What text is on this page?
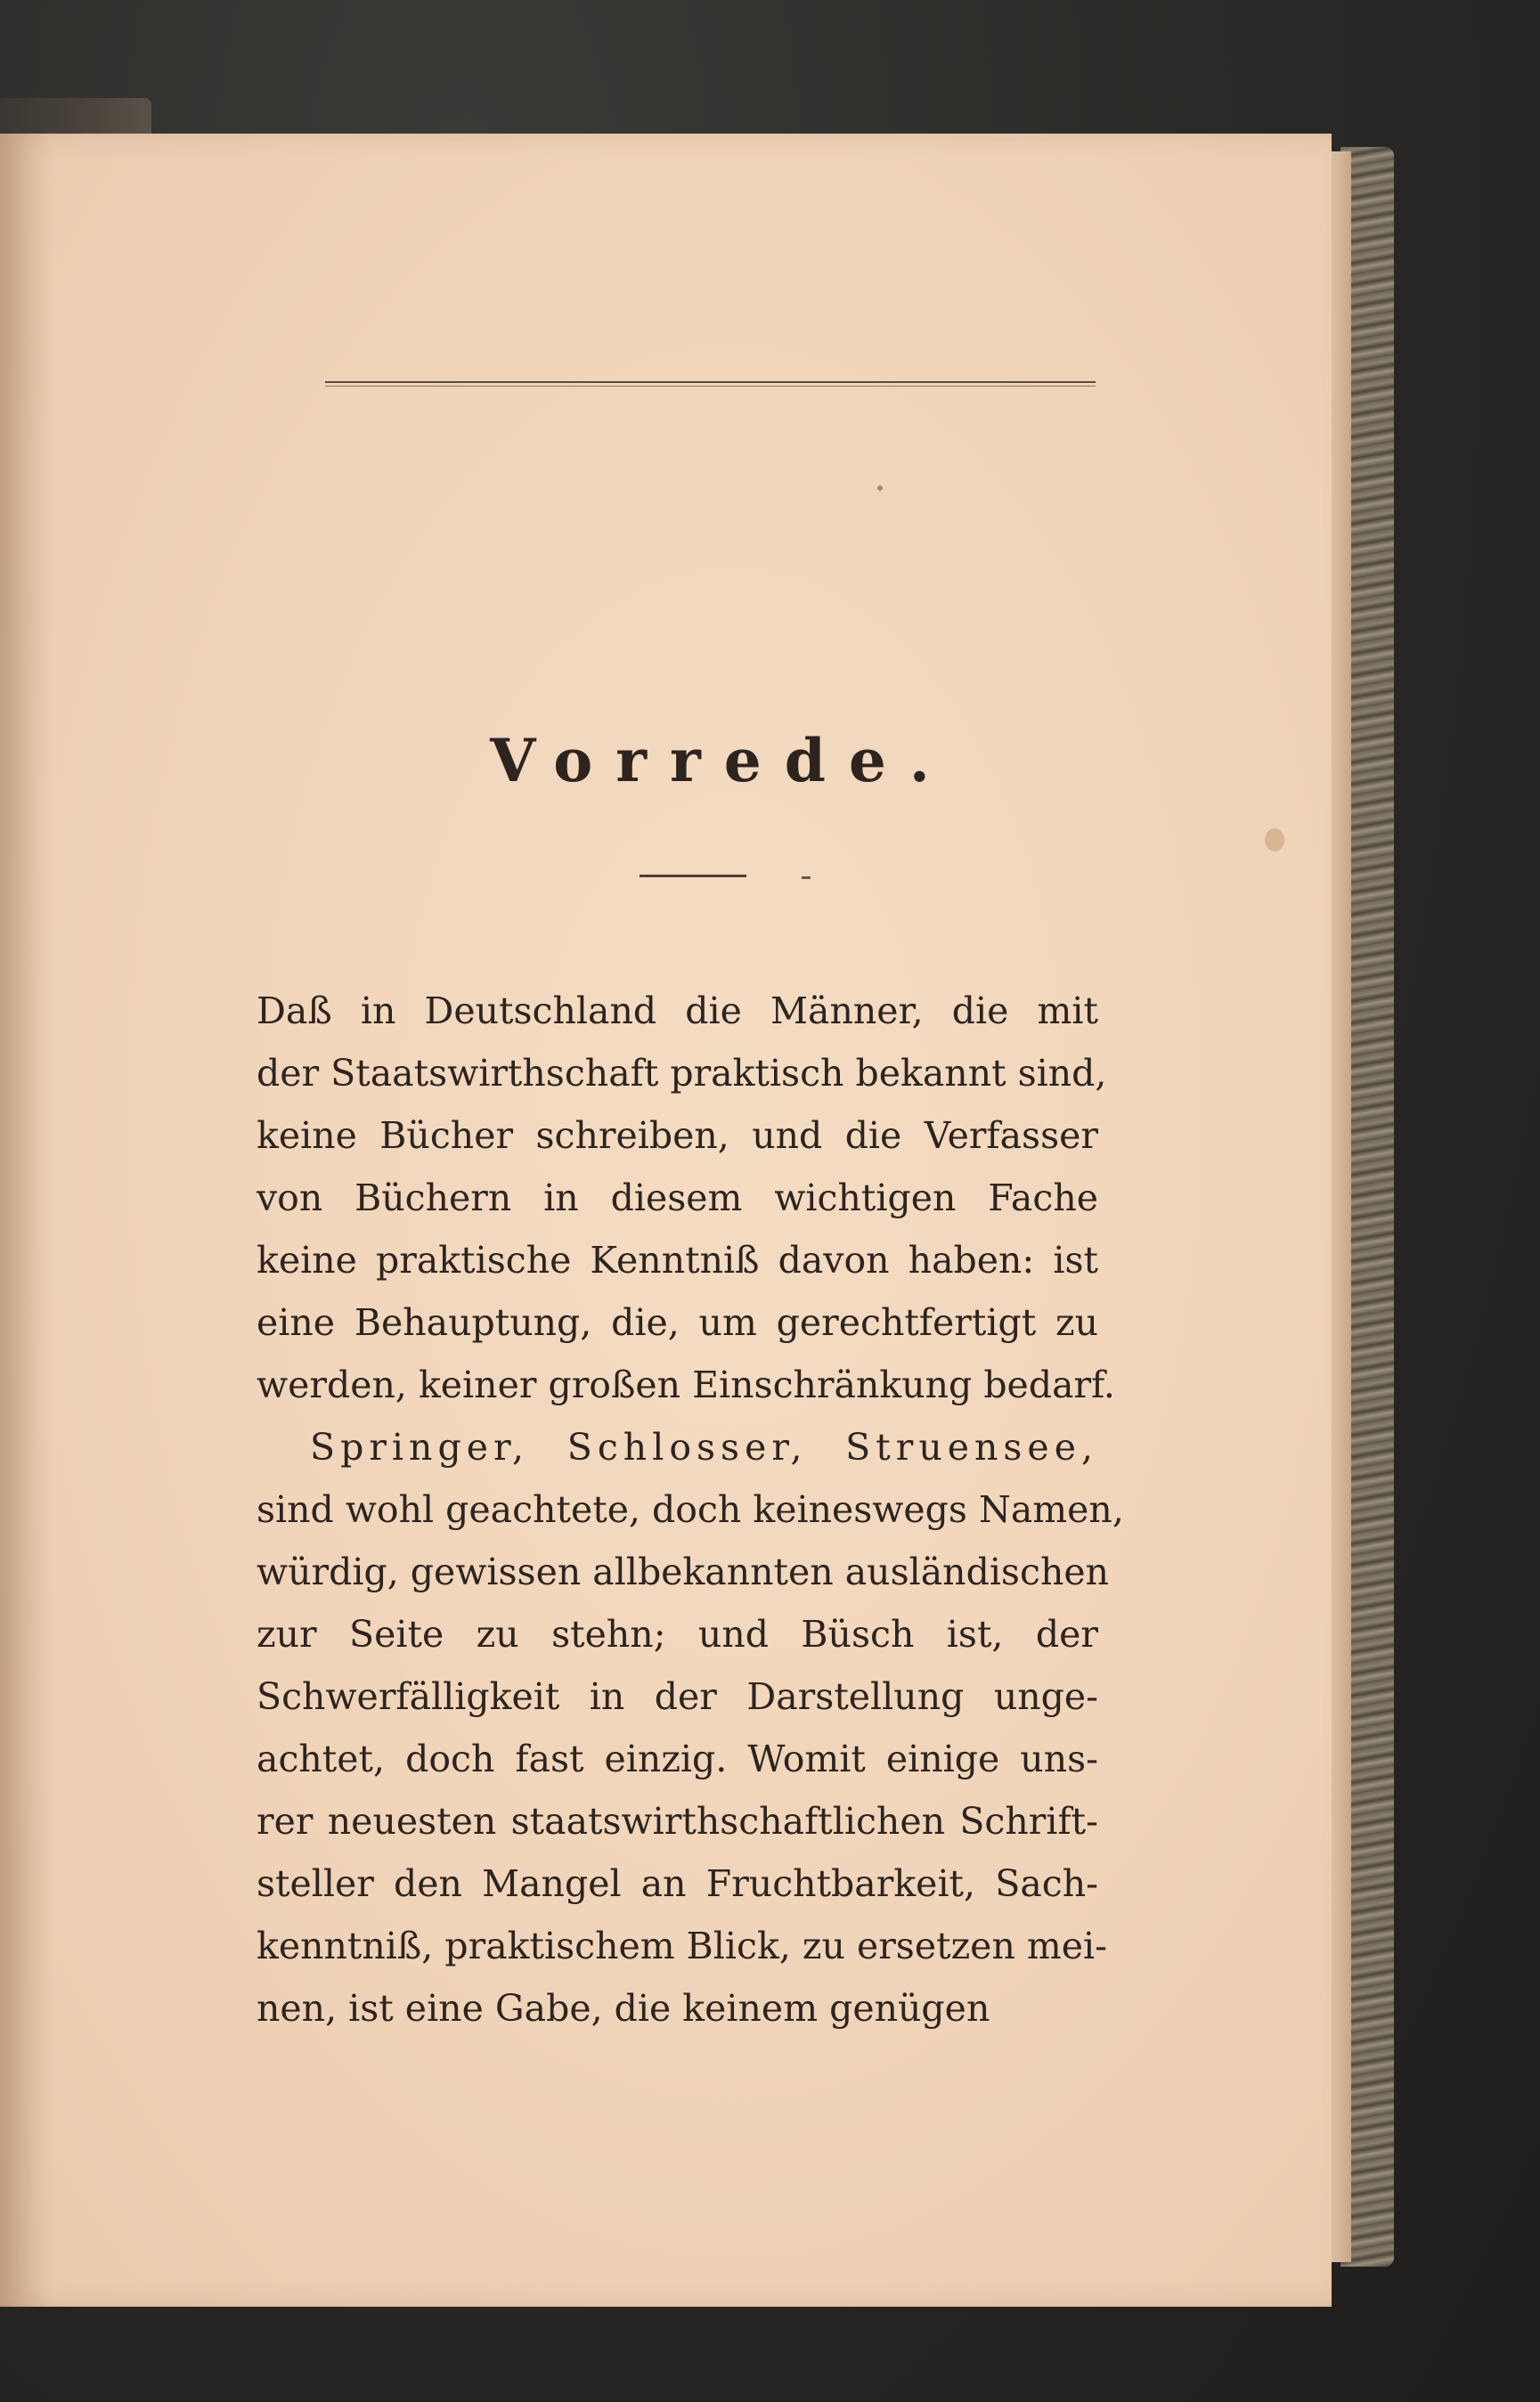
Vorrede.
Daß in Deutschland die Männer, die mit
der Staatswirthschaft praktisch bekannt sind,
keine Bücher schreiben, und die Verfasser
von Büchern in diesem wichtigen Fache
keine praktische Kenntniß davon haben: ist
eine Behauptung, die, um gerechtfertigt zu
werden, keiner großen Einschränkung bedarf.
Springer, Schlosser, Struensee,
sind wohl geachtete, doch keineswegs Namen,
würdig, gewissen allbekannten ausländischen
zur Seite zu stehn; und Büsch ist, der
Schwerfälligkeit in der Darstellung unge-
achtet, doch fast einzig. Womit einige uns-
rer neuesten staatswirthschaftlichen Schrift-
steller den Mangel an Fruchtbarkeit, Sach-
kenntniß, praktischem Blick, zu ersetzen mei-
nen, ist eine Gabe, die keinem genügen
